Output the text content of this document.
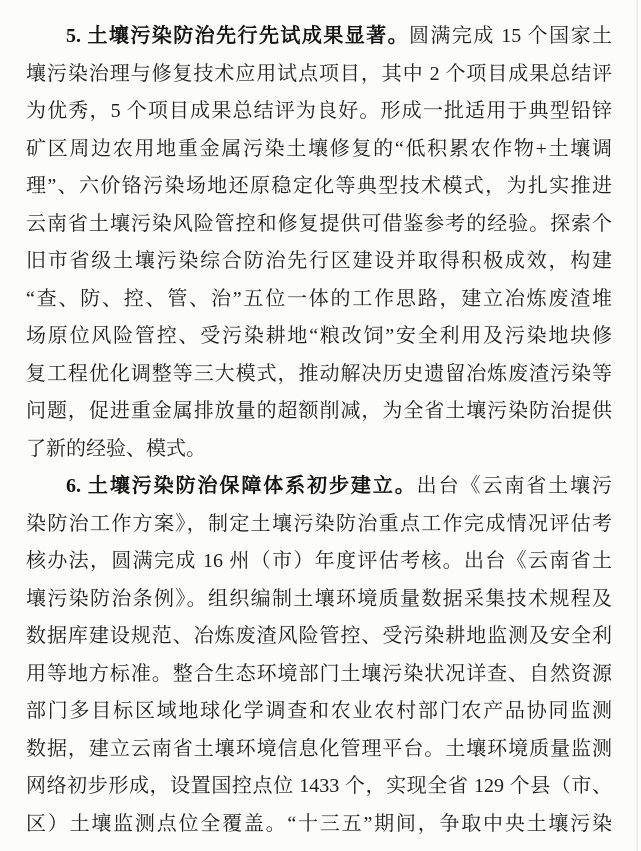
5. 土壤污染防治先行先试成果显著。圆满完成 15 个国家土
壤污染治理与修复技术应用试点项目，其中 2 个项目成果总结评
为优秀，5 个项目成果总结评为良好。形成一批适用于典型铅锌
矿区周边农用地重金属污染土壤修复的“低积累农作物+土壤调
理”、六价铬污染场地还原稳定化等典型技术模式，为扎实推进
云南省土壤污染风险管控和修复提供可借鉴参考的经验。探索个
旧市省级土壤污染综合防治先行区建设并取得积极成效，构建
“查、防、控、管、治”五位一体的工作思路，建立冶炼废渣堆
场原位风险管控、受污染耕地“粮改饲”安全利用及污染地块修
复工程优化调整等三大模式，推动解决历史遗留冶炼废渣污染等
问题，促进重金属排放量的超额削减，为全省土壤污染防治提供
了新的经验、模式。
6. 土壤污染防治保障体系初步建立。出台《云南省土壤污
染防治工作方案》，制定土壤污染防治重点工作完成情况评估考
核办法，圆满完成 16 州（市）年度评估考核。出台《云南省土
壤污染防治条例》。组织编制土壤环境质量数据采集技术规程及
数据库建设规范、冶炼废渣风险管控、受污染耕地监测及安全利
用等地方标准。整合生态环境部门土壤污染状况详查、自然资源
部门多目标区域地球化学调查和农业农村部门农产品协同监测
数据，建立云南省土壤环境信息化管理平台。土壤环境质量监测
网络初步形成，设置国控点位 1433 个，实现全省 129 个县（市、
区）土壤监测点位全覆盖。“十三五”期间，争取中央土壤污染
